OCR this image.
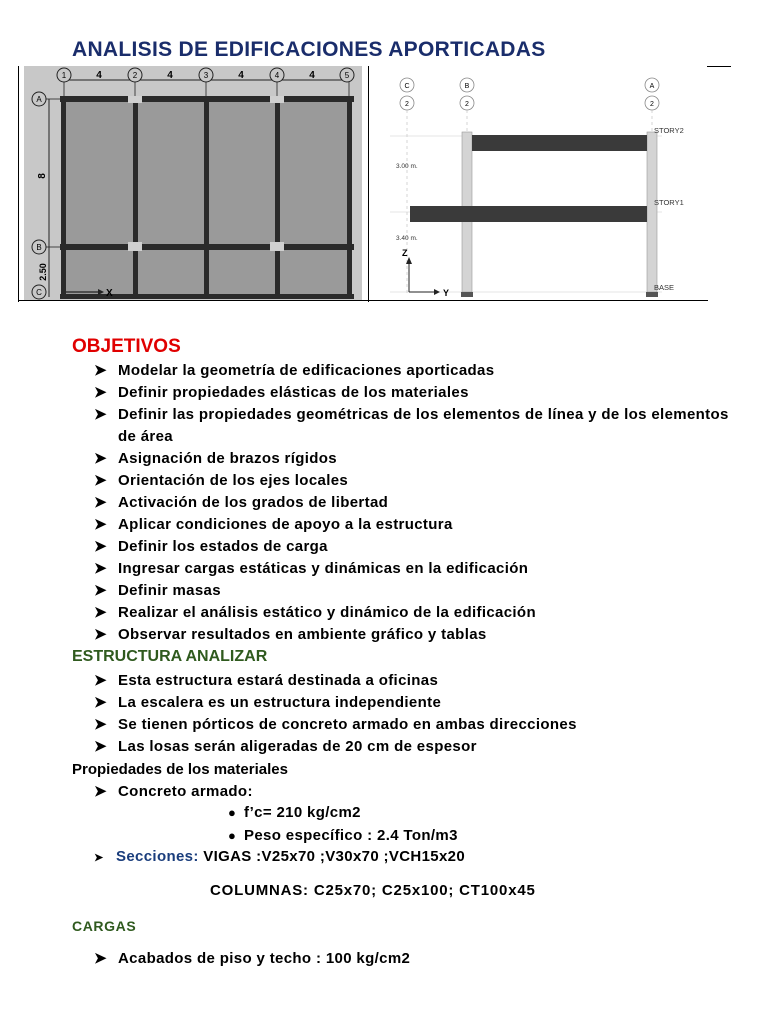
ANALISIS DE EDIFICACIONES APORTICADAS
1	2	3	4	5
4	4	4	4
A
B
C
8
2.50
X
C
2
B
2
A
2
STORY2
STORY1
BASE
3.00 m.
3.40 m.
Z
Y
OBJETIVOS
➤ Modelar la geometría de edificaciones aporticadas
➤ Definir propiedades elásticas de los materiales
➤ Definir las propiedades geométricas de los elementos de línea y de los elementos de área
➤ Asignación de brazos rígidos
➤ Orientación de los ejes locales
➤ Activación de los grados de libertad
➤ Aplicar condiciones de apoyo a la estructura
➤ Definir los estados de carga
➤ Ingresar cargas estáticas y dinámicas en la edificación
➤ Definir masas
➤ Realizar el análisis estático y dinámico de la edificación
➤ Observar resultados en ambiente gráfico y tablas
ESTRUCTURA ANALIZAR
➤ Esta estructura estará destinada a oficinas
➤ La escalera es un estructura independiente
➤ Se tienen pórticos de concreto armado en ambas direcciones
➤ Las losas serán aligeradas de 20 cm de espesor
Propiedades de los materiales
➤ Concreto armado:
● f’c= 210 kg/cm2
● Peso específico : 2.4 Ton/m3
➤ Secciones: VIGAS :V25x70 ;V30x70 ;VCH15x20
COLUMNAS: C25x70; C25x100; CT100x45
CARGAS
➤ Acabados de piso y techo : 100 kg/cm2
